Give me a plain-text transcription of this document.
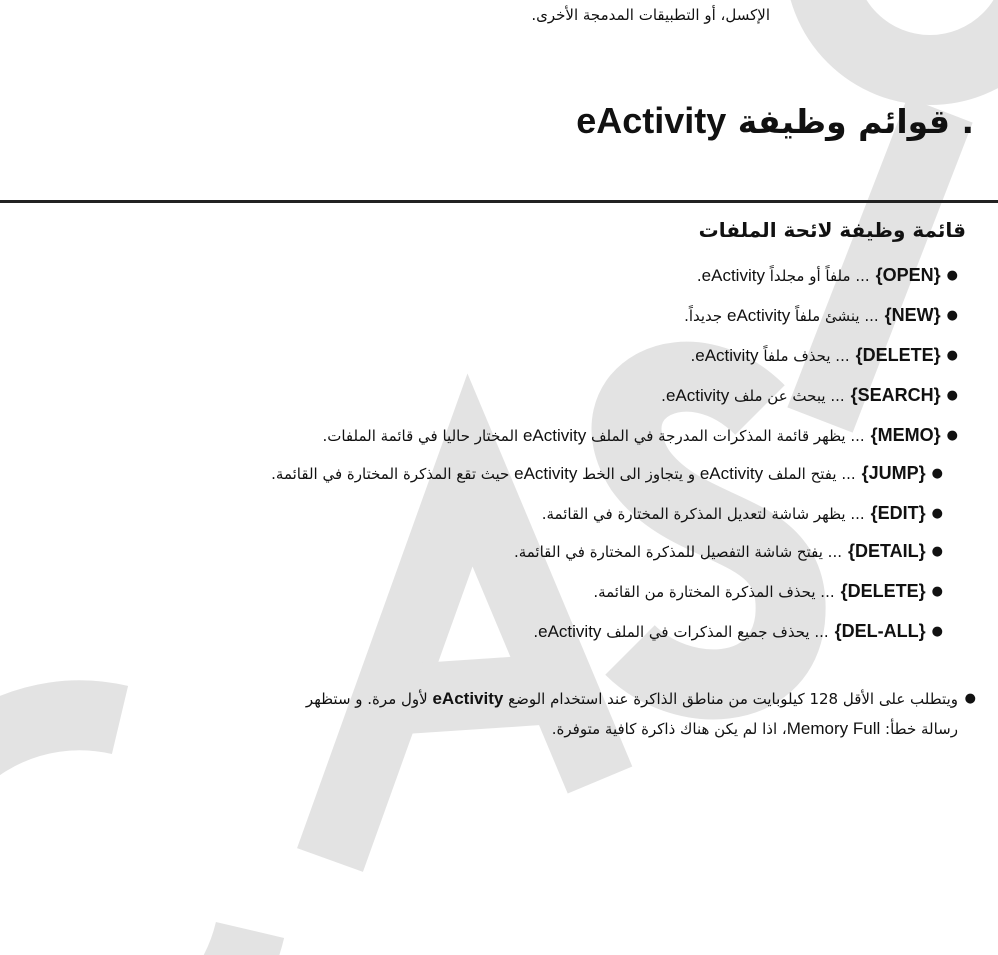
الإكسل، أو التطبيقات المدمجة الأخرى.
. قوائم وظيفة eActivity
قائمة وظيفة لائحة الملفات
●
{OPEN}
... ملفاً أو مجلداً eActivity.
●
{NEW}
... ينشئ ملفاً eActivity جديداً.
●
{DELETE}
... يحذف ملفاً eActivity.
●
{SEARCH}
... يبحث عن ملف eActivity.
●
{MEMO}
... يظهر قائمة المذكرات المدرجة في الملف eActivity المختار حاليا في قائمة الملفات.
●
{JUMP}
... يفتح الملف eActivity و يتجاوز الى الخط eActivity حيث تقع المذكرة المختارة في القائمة.
●
{EDIT}
... يظهر شاشة لتعديل المذكرة المختارة في القائمة.
●
{DETAIL}
... يفتح شاشة التفصيل للمذكرة المختارة في القائمة.
●
{DELETE}
... يحذف المذكرة المختارة من القائمة.
●
{DEL-ALL}
... يحذف جميع المذكرات في الملف eActivity.
●
ويتطلب على الأقل 128 كيلوبايت من مناطق الذاكرة عند استخدام الوضع eActivity لأول مرة. و ستظهر
رسالة خطأ: Memory Full، اذا لم يكن هناك ذاكرة كافية متوفرة.
